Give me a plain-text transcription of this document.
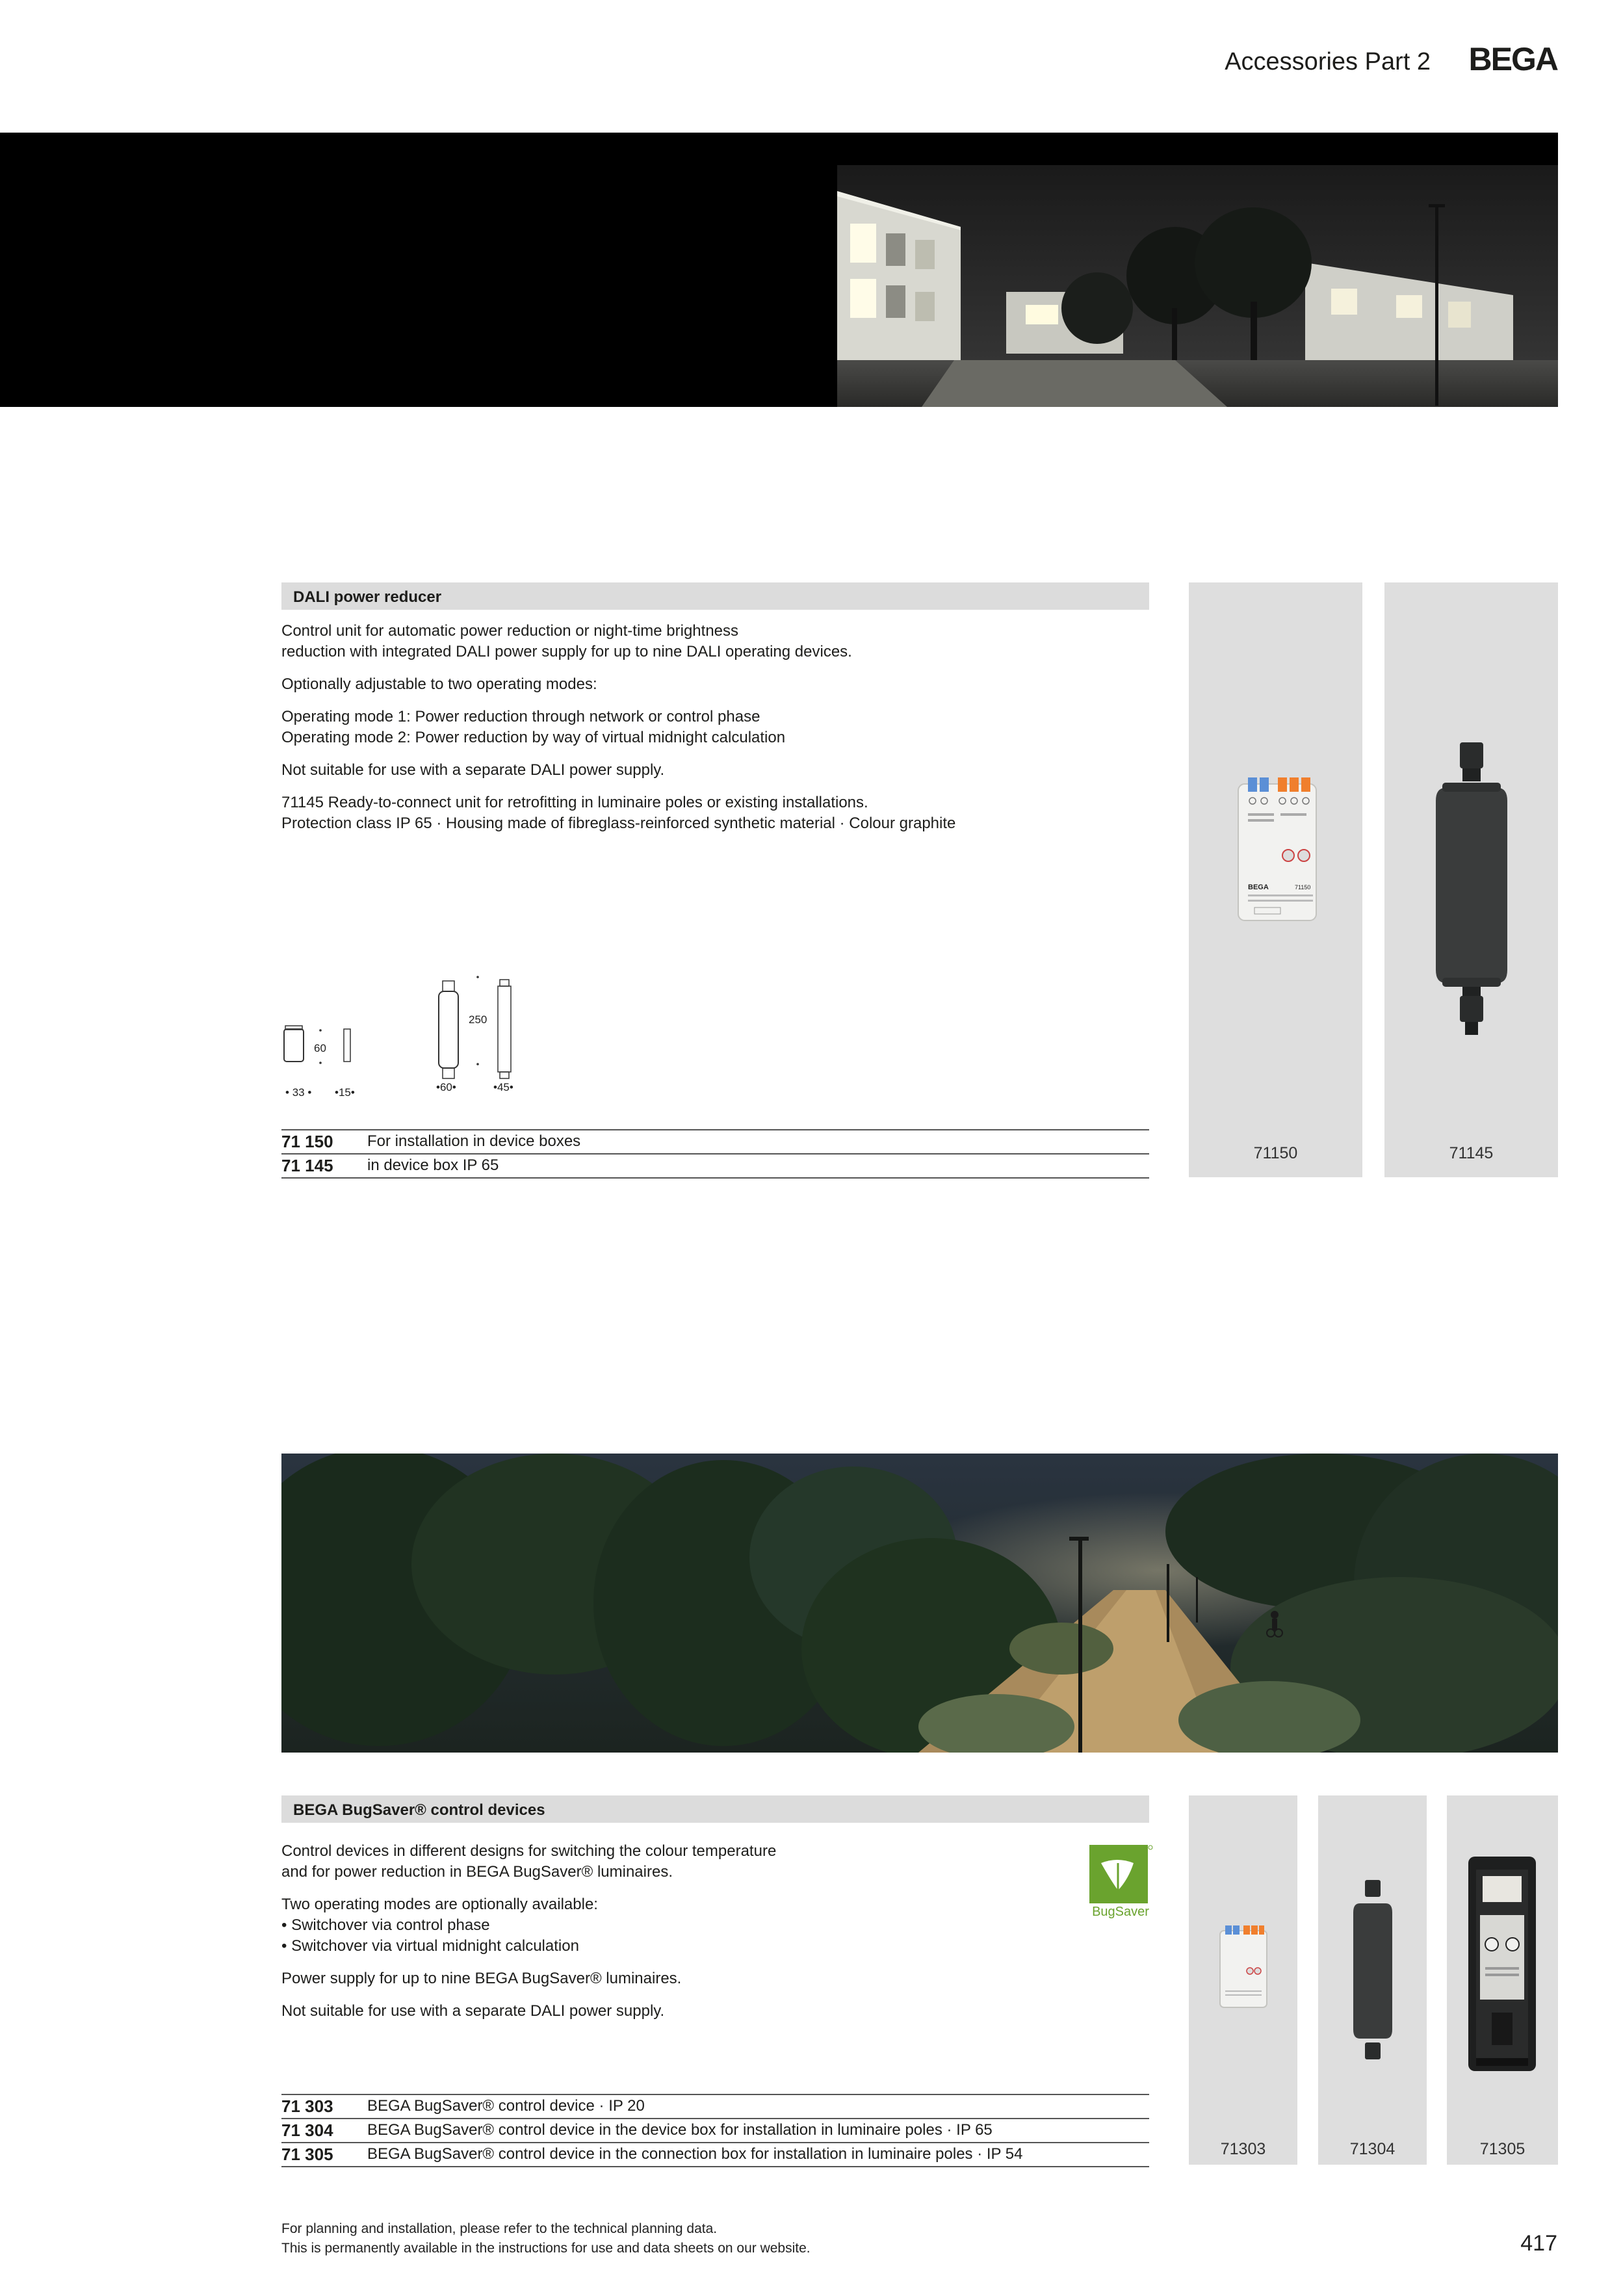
Accessories Part 2 BEGA
DALI power reducer
Control unit for automatic power reduction or night-time brightness
reduction with integrated DALI power supply for up to nine DALI operating devices.
Optionally adjustable to two operating modes:
Operating mode 1: Power reduction through network or control phase
Operating mode 2: Power reduction by way of virtual midnight calculation
Not suitable for use with a separate DALI power supply.
71145 Ready-to-connect unit for retrofitting in luminaire poles or existing installations.
Protection class IP 65 · Housing made of fibreglass-reinforced synthetic material · Colour graphite
60
• 33 • •15•
250
•60•	•45•
71 150 For installation in device boxes
71 145 in device box IP 65
BEGA	71150
71150	71145
BEGA BugSaver® control devices
Control devices in different designs for switching the colour temperature
and for power reduction in BEGA BugSaver® luminaires.
Two operating modes are optionally available:
• Switchover via control phase
• Switchover via virtual midnight calculation
Power supply for up to nine BEGA BugSaver® luminaires.
Not suitable for use with a separate DALI power supply.
BugSaver
71 303 BEGA BugSaver® control device · IP 20
71 304 BEGA BugSaver® control device in the device box for installation in luminaire poles · IP 65
71 305 BEGA BugSaver® control device in the connection box for installation in luminaire poles · IP 54	71303	71304	71305
For planning and installation, please refer to the technical planning data.
This is permanently available in the instructions for use and data sheets on our website.	417
